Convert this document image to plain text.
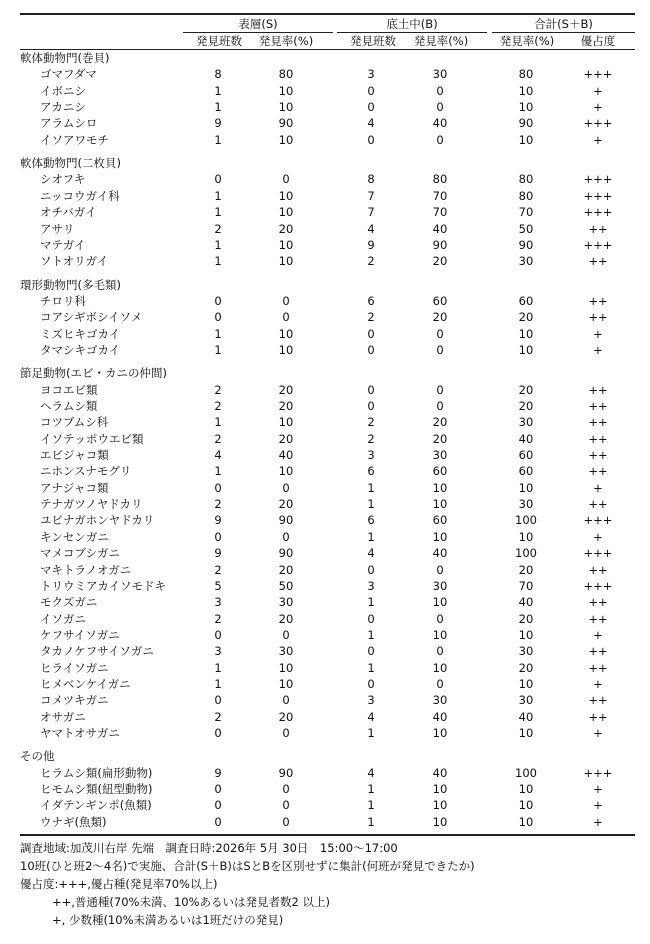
表層(S)	底土中(B)	合計(S＋B)
発見班数	発見率(%)	発見班数	発見率(%)	発見率(%)	優占度
軟体動物門(巻貝)
ゴマフダマ	8	80	3	30	80	+++
イボニシ	1	10	0	0	10	+
アカニシ	1	10	0	0	10	+
アラムシロ	9	90	4	40	90	+++
イソアワモチ	1	10	0	0	10	+
軟体動物門(二枚貝)
シオフキ	0	0	8	80	80	+++
ニッコウガイ科	1	10	7	70	80	+++
オチバガイ	1	10	7	70	70	+++
アサリ	2	20	4	40	50	++
マテガイ	1	10	9	90	90	+++
ソトオリガイ	1	10	2	20	30	++
環形動物門(多毛類)
チロリ科	0	0	6	60	60	++
コアシギボシイソメ	0	0	2	20	20	++
ミズヒキゴカイ	1	10	0	0	10	+
タマシキゴカイ	1	10	0	0	10	+
節足動物(エビ・カニの仲間)
ヨコエビ類	2	20	0	0	20	++
ヘラムシ類	2	20	0	0	20	++
コツブムシ科	1	10	2	20	30	++
イソテッポウエビ類	2	20	2	20	40	++
エビジャコ類	4	40	3	30	60	++
ニホンスナモグリ	1	10	6	60	60	++
アナジャコ類	0	0	1	10	10	+
テナガツノヤドカリ	2	20	1	10	30	++
ユビナガホンヤドカリ	9	90	6	60	100	+++
キンセンガニ	0	0	1	10	10	+
マメコブシガニ	9	90	4	40	100	+++
マキトラノオガニ	2	20	0	0	20	++
トリウミアカイソモドキ	5	50	3	30	70	+++
モクズガニ	3	30	1	10	40	++
イソガニ	2	20	0	0	20	++
ケフサイソガニ	0	0	1	10	10	+
タカノケフサイソガニ	3	30	0	0	30	++
ヒライソガニ	1	10	1	10	20	++
ヒメベンケイガニ	1	10	0	0	10	+
コメツキガニ	0	0	3	30	30	++
オサガニ	2	20	4	40	40	++
ヤマトオサガニ	0	0	1	10	10	+
その他
ヒラムシ類(扁形動物)	9	90	4	40	100	+++
ヒモムシ類(紐型動物)	0	0	1	10	10	+
イダテンギンポ(魚類)	0	0	1	10	10	+
ウナギ(魚類)	0	0	1	10	10	+
調査地域:加茂川右岸 先端　調査日時:2026年 5月 30日　15:00～17:00
10班(ひと班2～4名)で実施、合計(S＋B)はSとBを区別せずに集計(何班が発見できたか)
優占度:+++,優占種(発見率70%以上)
++,普通種(70%未満、10%あるいは発見者数2 以上)
+, 少数種(10%未満あるいは1班だけの発見)
